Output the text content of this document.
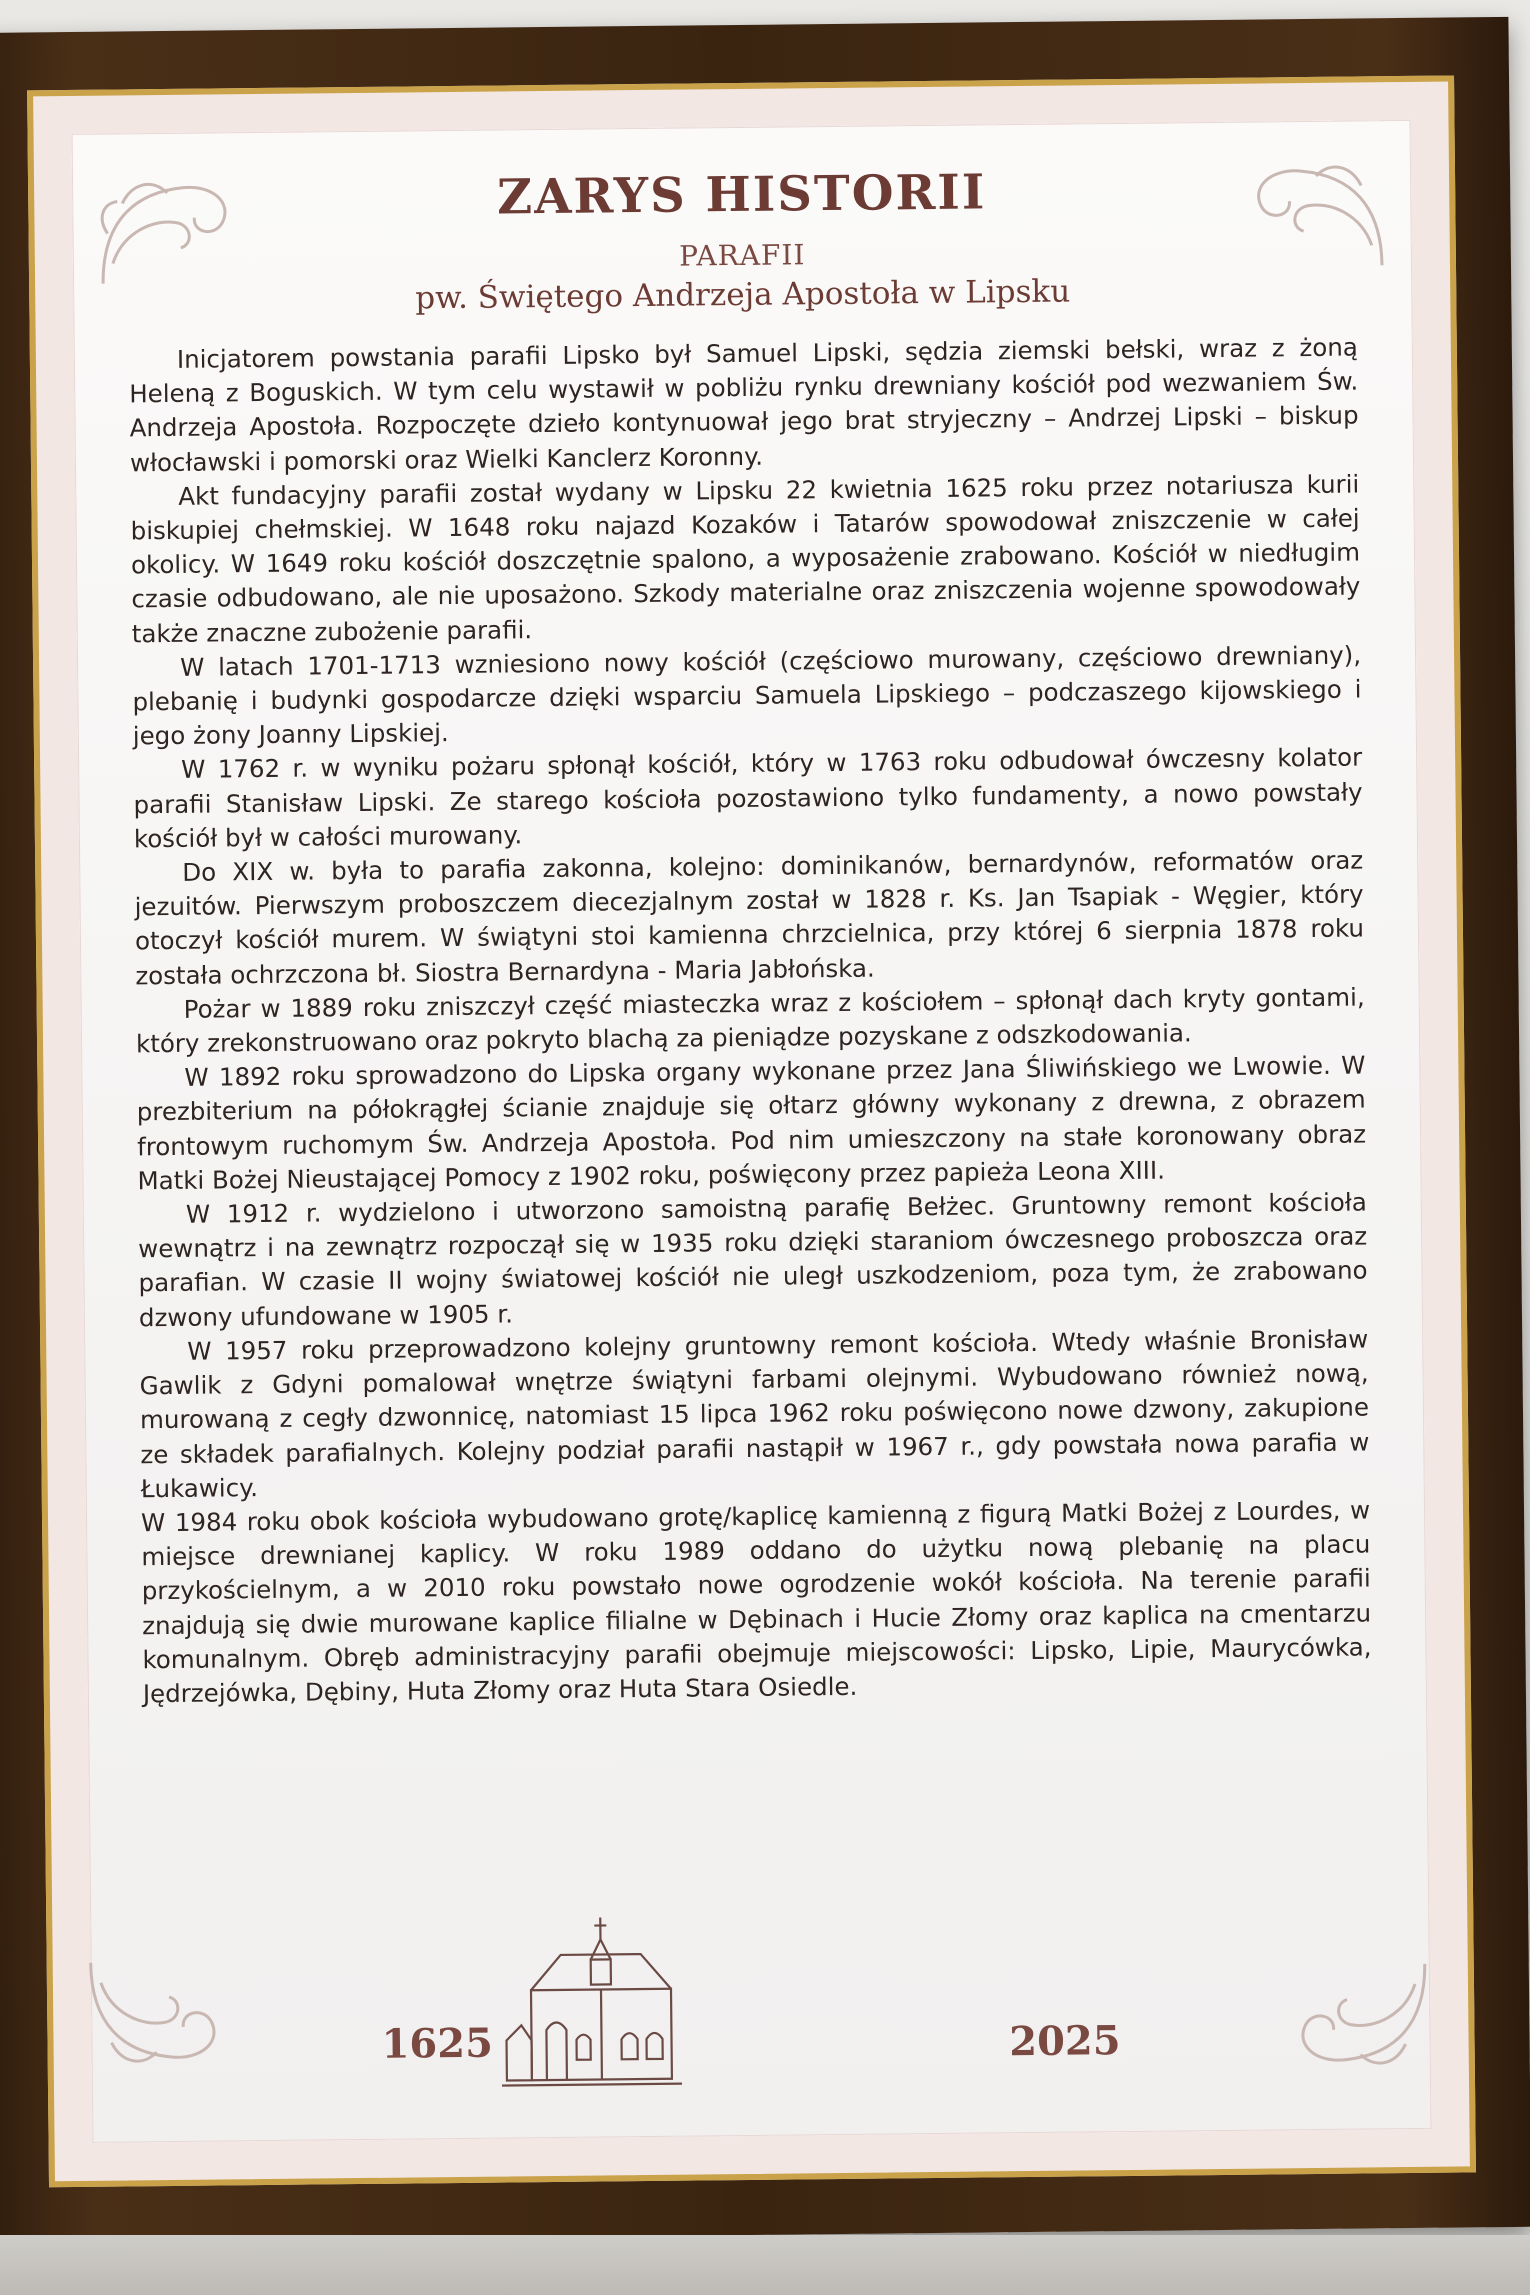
ZARYS HISTORII
PARAFII
pw. Świętego Andrzeja Apostoła w Lipsku

Inicjatorem powstania parafii Lipsko był Samuel Lipski, sędzia ziemski bełski, wraz z żoną Heleną z Boguskich. W tym celu wystawił w pobliżu rynku drewniany kościół pod wezwaniem Św. Andrzeja Apostoła. Rozpoczęte dzieło kontynuował jego brat stryjeczny – Andrzej Lipski – biskup włocławski i pomorski oraz Wielki Kanclerz Koronny.

Akt fundacyjny parafii został wydany w Lipsku 22 kwietnia 1625 roku przez notariusza kurii biskupiej chełmskiej. W 1648 roku najazd Kozaków i Tatarów spowodował zniszczenie w całej okolicy. W 1649 roku kościół doszczętnie spalono, a wyposażenie zrabowano. Kościół w niedługim czasie odbudowano, ale nie uposażono. Szkody materialne oraz zniszczenia wojenne spowodowały także znaczne zubożenie parafii.

W latach 1701-1713 wzniesiono nowy kościół (częściowo murowany, częściowo drewniany), plebanię i budynki gospodarcze dzięki wsparciu Samuela Lipskiego – podczaszego kijowskiego i jego żony Joanny Lipskiej.

W 1762 r. w wyniku pożaru spłonął kościół, który w 1763 roku odbudował ówczesny kolator parafii Stanisław Lipski. Ze starego kościoła pozostawiono tylko fundamenty, a nowo powstały kościół był w całości murowany.

Do XIX w. była to parafia zakonna, kolejno: dominikanów, bernardynów, reformatów oraz jezuitów. Pierwszym proboszczem diecezjalnym został w 1828 r. Ks. Jan Tsapiak - Węgier, który otoczył kościół murem. W świątyni stoi kamienna chrzcielnica, przy której 6 sierpnia 1878 roku została ochrzczona bł. Siostra Bernardyna - Maria Jabłońska.

Pożar w 1889 roku zniszczył część miasteczka wraz z kościołem – spłonął dach kryty gontami, który zrekonstruowano oraz pokryto blachą za pieniądze pozyskane z odszkodowania.

W 1892 roku sprowadzono do Lipska organy wykonane przez Jana Śliwińskiego we Lwowie. W prezbiterium na półokrągłej ścianie znajduje się ołtarz główny wykonany z drewna, z obrazem frontowym ruchomym Św. Andrzeja Apostoła. Pod nim umieszczony na stałe koronowany obraz Matki Bożej Nieustającej Pomocy z 1902 roku, poświęcony przez papieża Leona XIII.

W 1912 r. wydzielono i utworzono samoistną parafię Bełżec. Gruntowny remont kościoła wewnątrz i na zewnątrz rozpoczął się w 1935 roku dzięki staraniom ówczesnego proboszcza oraz parafian. W czasie II wojny światowej kościół nie uległ uszkodzeniom, poza tym, że zrabowano dzwony ufundowane w 1905 r.

W 1957 roku przeprowadzono kolejny gruntowny remont kościoła. Wtedy właśnie Bronisław Gawlik z Gdyni pomalował wnętrze świątyni farbami olejnymi. Wybudowano również nową, murowaną z cegły dzwonnicę, natomiast 15 lipca 1962 roku poświęcono nowe dzwony, zakupione ze składek parafialnych. Kolejny podział parafii nastąpił w 1967 r., gdy powstała nowa parafia w Łukawicy.

W 1984 roku obok kościoła wybudowano grotę/kaplicę kamienną z figurą Matki Bożej z Lourdes, w miejsce drewnianej kaplicy. W roku 1989 oddano do użytku nową plebanię na placu przykościelnym, a w 2010 roku powstało nowe ogrodzenie wokół kościoła. Na terenie parafii znajdują się dwie murowane kaplice filialne w Dębinach i Hucie Złomy oraz kaplica na cmentarzu komunalnym. Obręb administracyjny parafii obejmuje miejscowości: Lipsko, Lipie, Maurycówka, Jędrzejówka, Dębiny, Huta Złomy oraz Huta Stara Osiedle.

1625	2025
